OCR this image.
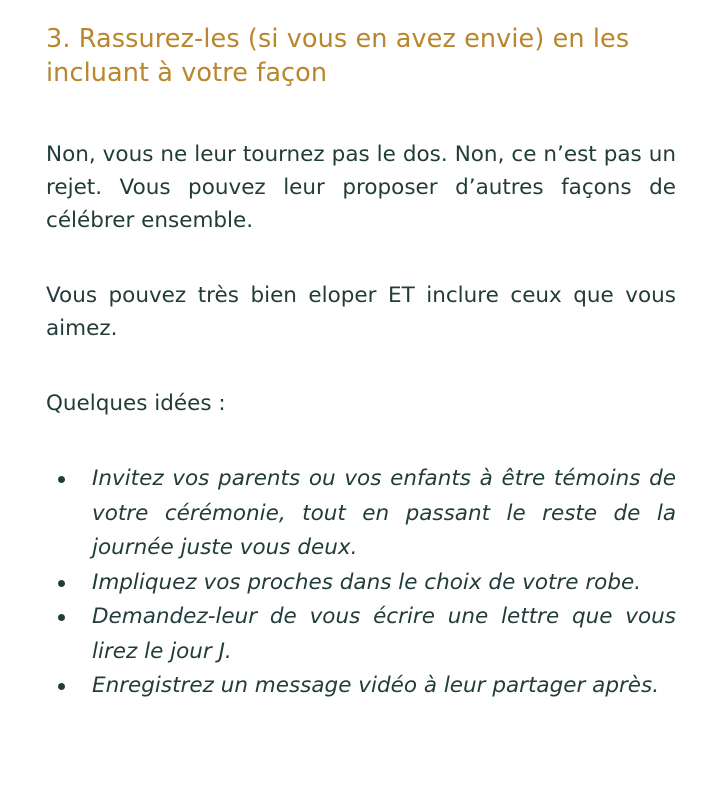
3. Rassurez-les (si vous en avez envie) en les incluant à votre façon

Non, vous ne leur tournez pas le dos. Non, ce n’est pas un rejet. Vous pouvez leur proposer d’autres façons de célébrer ensemble.

Vous pouvez très bien eloper ET inclure ceux que vous aimez.

Quelques idées :

Invitez vos parents ou vos enfants à être témoins de votre cérémonie, tout en passant le reste de la journée juste vous deux.
Impliquez vos proches dans le choix de votre robe.
Demandez-leur de vous écrire une lettre que vous lirez le jour J.
Enregistrez un message vidéo à leur partager après.
